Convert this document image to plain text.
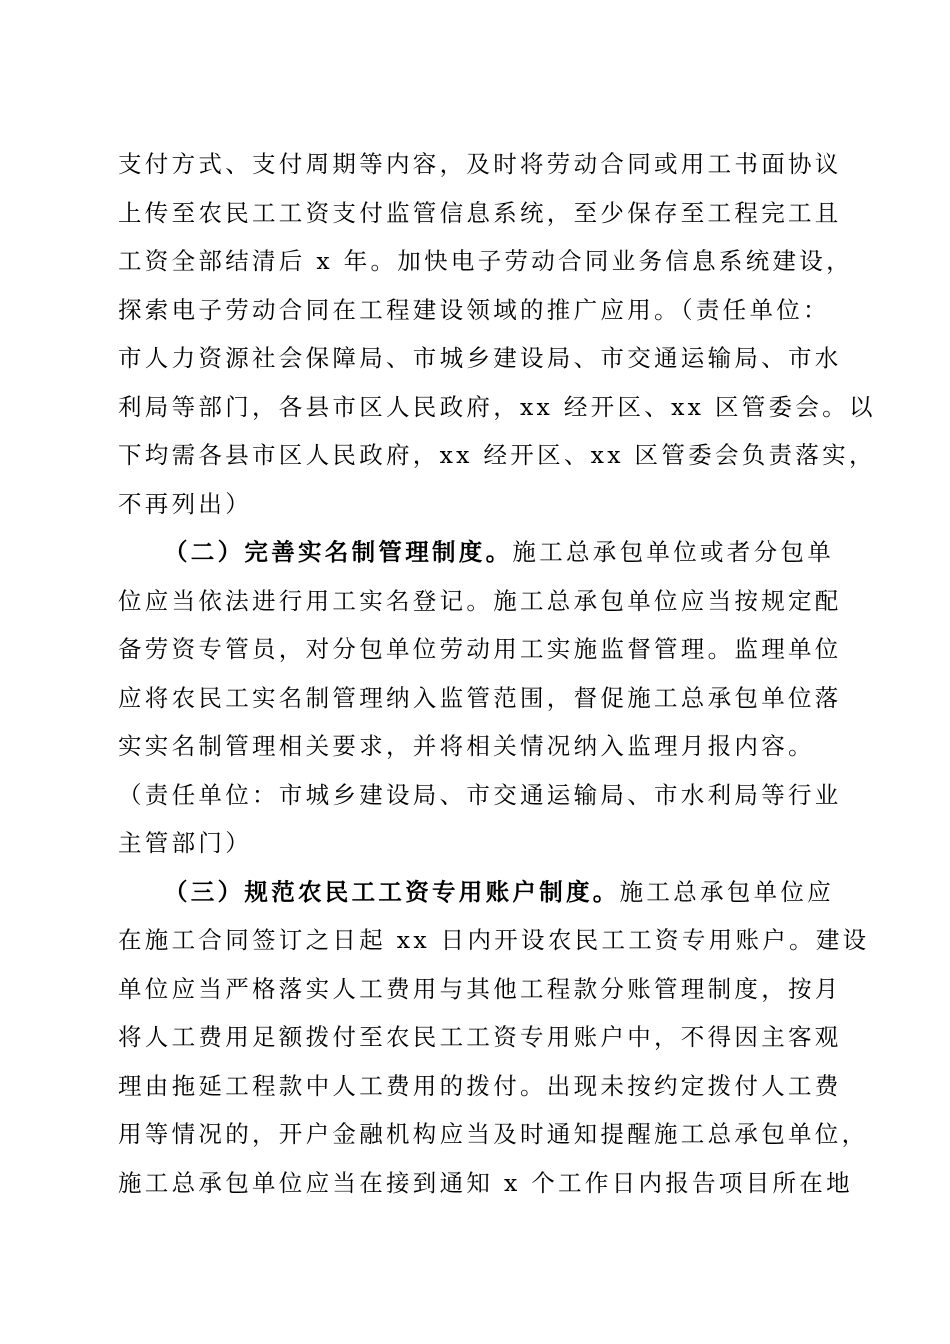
支付方式、支付周期等内容，及时将劳动合同或用工书面协议
上传至农民工工资支付监管信息系统，至少保存至工程完工且
工资全部结清后 x 年。加快电子劳动合同业务信息系统建设，
探索电子劳动合同在工程建设领域的推广应用。（责任单位：
市人力资源社会保障局、市城乡建设局、市交通运输局、市水
利局等部门，各县市区人民政府，xx 经开区、xx 区管委会。以
下均需各县市区人民政府，xx 经开区、xx 区管委会负责落实，
不再列出）
（二）完善实名制管理制度。施工总承包单位或者分包单
位应当依法进行用工实名登记。施工总承包单位应当按规定配
备劳资专管员，对分包单位劳动用工实施监督管理。监理单位
应将农民工实名制管理纳入监管范围，督促施工总承包单位落
实实名制管理相关要求，并将相关情况纳入监理月报内容。
（责任单位：市城乡建设局、市交通运输局、市水利局等行业
主管部门）
（三）规范农民工工资专用账户制度。施工总承包单位应
在施工合同签订之日起 xx 日内开设农民工工资专用账户。建设
单位应当严格落实人工费用与其他工程款分账管理制度，按月
将人工费用足额拨付至农民工工资专用账户中，不得因主客观
理由拖延工程款中人工费用的拨付。出现未按约定拨付人工费
用等情况的，开户金融机构应当及时通知提醒施工总承包单位，
施工总承包单位应当在接到通知 x 个工作日内报告项目所在地
